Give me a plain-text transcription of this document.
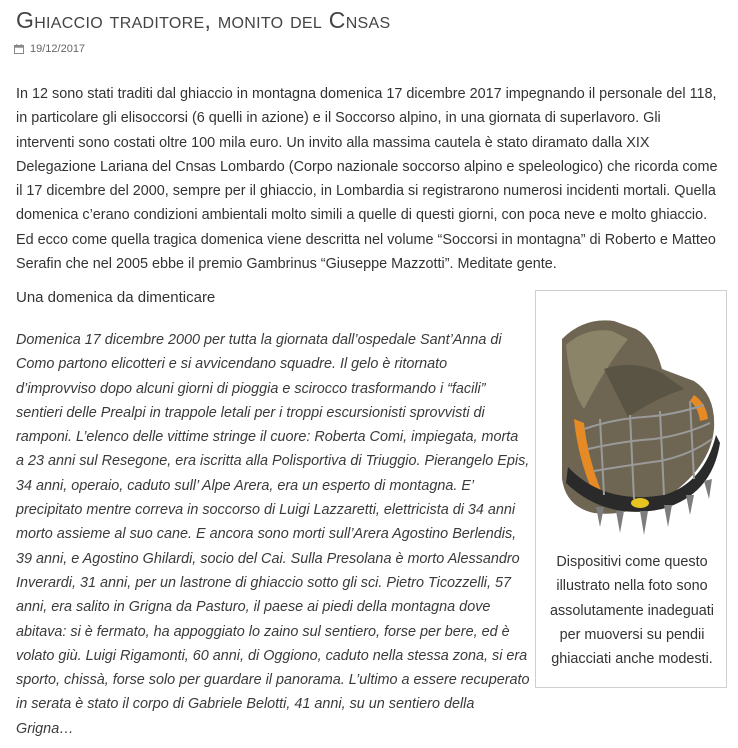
Ghiaccio traditore, monito del Cnsas
19/12/2017

In 12 sono stati traditi dal ghiaccio in montagna domenica 17 dicembre 2017 impegnando il personale del 118, in particolare gli elisoccorsi (6 quelli in azione) e il Soccorso alpino, in una giornata di superlavoro. Gli interventi sono costati oltre 100 mila euro. Un invito alla massima cautela è stato diramato dalla XIX Delegazione Lariana del Cnsas Lombardo (Corpo nazionale soccorso alpino e speleologico) che ricorda come il 17 dicembre del 2000, sempre per il ghiaccio, in Lombardia si registrarono numerosi incidenti mortali. Quella domenica c’erano condizioni ambientali molto simili a quelle di questi giorni, con poca neve e molto ghiaccio. Ed ecco come quella tragica domenica viene descritta nel volume “Soccorsi in montagna” di Roberto e Matteo Serafin che nel 2005 ebbe il premio Gambrinus “Giuseppe Mazzotti”. Meditate gente.

Una domenica da dimenticare

Domenica 17 dicembre 2000 per tutta la giornata dall’ospedale Sant’Anna di Como partono elicotteri e si avvicendano squadre. Il gelo è ritornato d’improvviso dopo alcuni giorni di pioggia e scirocco trasformando i “facili” sentieri delle Prealpi in trappole letali per i troppi escursionisti sprovvisti di ramponi. L’elenco delle vittime stringe il cuore: Roberta Comi, impiegata, morta a 23 anni sul Resegone, era iscritta alla Polisportiva di Triuggio. Pierangelo Epis, 34 anni, operaio, caduto sull’ Alpe Arera, era un esperto di montagna. E’ precipitato mentre correva in soccorso di Luigi Lazzaretti, elettricista di 34 anni morto assieme al suo cane. E ancora sono morti sull’Arera Agostino Berlendis, 39 anni, e Agostino Ghilardi, socio del Cai. Sulla Presolana è morto Alessandro Inverardi, 31 anni, per un lastrone di ghiaccio sotto gli sci. Pietro Ticozzelli, 57 anni, era salito in Grigna da Pasturo, il paese ai piedi della montagna dove abitava: si è fermato, ha appoggiato lo zaino sul sentiero, forse per bere, ed è volato giù. Luigi Rigamonti, 60 anni, di Oggiono, caduto nella stessa zona, si era sporto, chissà, forse solo per guardare il panorama. L’ultimo a essere recuperato in serata è stato il corpo di Gabriele Belotti, 41 anni, su un sentiero della Grigna…

Dispositivi come questo illustrato nella foto sono assolutamente inadeguati per muoversi su pendii ghiacciati anche modesti.
